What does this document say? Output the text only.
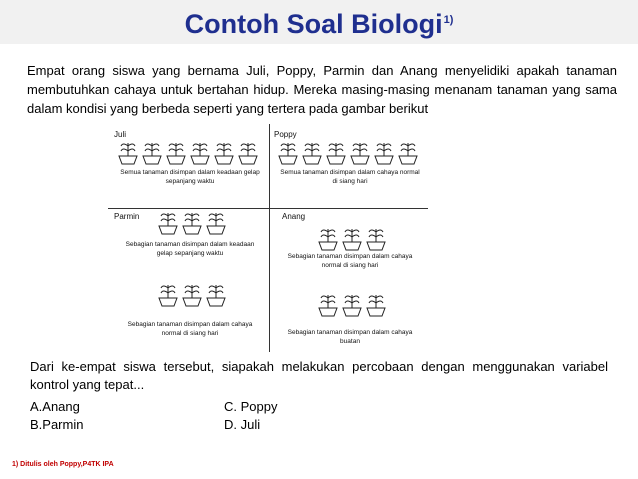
Contoh Soal Biologi$^{1)}$
Empat orang siswa yang bernama Juli, Poppy, Parmin dan Anang menyelidiki apakah tanaman membutuhkan cahaya untuk bertahan hidup. Mereka masing-masing menanam tanaman yang sama dalam kondisi yang berbeda seperti yang tertera pada gambar berikut
Juli
Semua tanaman disimpan dalam keadaan gelap sepanjang waktu
Poppy
Semua tanaman disimpan dalam cahaya normal di siang hari
Parmin
Sebagian tanaman disimpan dalam keadaan gelap sepanjang waktu
Sebagian tanaman disimpan dalam cahaya normal di siang hari
Anang
Sebagian tanaman disimpan dalam cahaya normal di siang hari
Sebagian tanaman disimpan dalam cahaya buatan
Dari ke-empat siswa tersebut, siapakah melakukan percobaan dengan menggunakan variabel kontrol yang tepat...
A.Anang	C. Poppy
B.Parmin	D. Juli
1) Ditulis oleh Poppy,P4TK IPA
